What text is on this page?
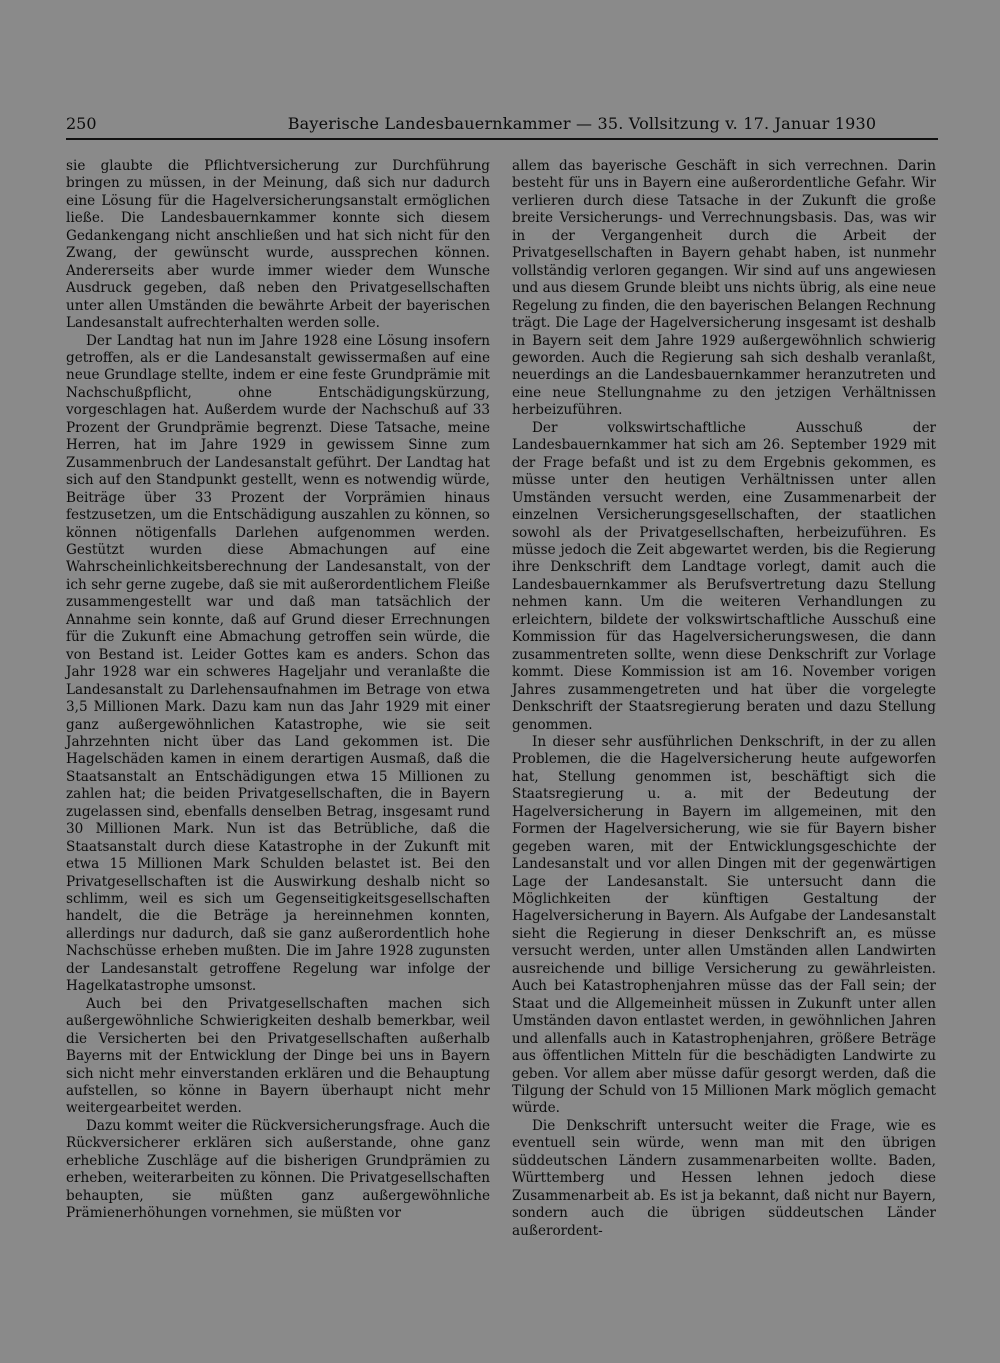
250	Bayerische Landesbauernkammer — 35. Vollsitzung v. 17. Januar 1930

sie glaubte die Pflichtversicherung zur Durchführung bringen zu müssen, in der Meinung, daß sich nur dadurch eine Lösung für die Hagelversicherungsanstalt ermöglichen ließe. Die Landesbauernkammer konnte sich diesem Gedankengang nicht anschließen und hat sich nicht für den Zwang, der gewünscht wurde, aussprechen können. Andererseits aber wurde immer wieder dem Wunsche Ausdruck gegeben, daß neben den Privatgesellschaften unter allen Umständen die bewährte Arbeit der bayerischen Landesanstalt aufrechterhalten werden solle.

Der Landtag hat nun im Jahre 1928 eine Lösung insofern getroffen, als er die Landesanstalt gewissermaßen auf eine neue Grundlage stellte, indem er eine feste Grundprämie mit Nachschußpflicht, ohne Entschädigungskürzung, vorgeschlagen hat. Außerdem wurde der Nachschuß auf 33 Prozent der Grundprämie begrenzt. Diese Tatsache, meine Herren, hat im Jahre 1929 in gewissem Sinne zum Zusammenbruch der Landesanstalt geführt. Der Landtag hat sich auf den Standpunkt gestellt, wenn es notwendig würde, Beiträge über 33 Prozent der Vorprämien hinaus festzusetzen, um die Entschädigung auszahlen zu können, so können nötigenfalls Darlehen aufgenommen werden. Gestützt wurden diese Abmachungen auf eine Wahrscheinlichkeitsberechnung der Landesanstalt, von der ich sehr gerne zugebe, daß sie mit außerordentlichem Fleiße zusammengestellt war und daß man tatsächlich der Annahme sein konnte, daß auf Grund dieser Errechnungen für die Zukunft eine Abmachung getroffen sein würde, die von Bestand ist. Leider Gottes kam es anders. Schon das Jahr 1928 war ein schweres Hageljahr und veranlaßte die Landesanstalt zu Darlehensaufnahmen im Betrage von etwa 3,5 Millionen Mark. Dazu kam nun das Jahr 1929 mit einer ganz außergewöhnlichen Katastrophe, wie sie seit Jahrzehnten nicht über das Land gekommen ist. Die Hagelschäden kamen in einem derartigen Ausmaß, daß die Staatsanstalt an Entschädigungen etwa 15 Millionen zu zahlen hat; die beiden Privatgesellschaften, die in Bayern zugelassen sind, ebenfalls denselben Betrag, insgesamt rund 30 Millionen Mark. Nun ist das Betrübliche, daß die Staatsanstalt durch diese Katastrophe in der Zukunft mit etwa 15 Millionen Mark Schulden belastet ist. Bei den Privatgesellschaften ist die Auswirkung deshalb nicht so schlimm, weil es sich um Gegenseitigkeitsgesellschaften handelt, die die Beträge ja hereinnehmen konnten, allerdings nur dadurch, daß sie ganz außerordentlich hohe Nachschüsse erheben mußten. Die im Jahre 1928 zugunsten der Landesanstalt getroffene Regelung war infolge der Hagelkatastrophe umsonst.

Auch bei den Privatgesellschaften machen sich außergewöhnliche Schwierigkeiten deshalb bemerkbar, weil die Versicherten bei den Privatgesellschaften außerhalb Bayerns mit der Entwicklung der Dinge bei uns in Bayern sich nicht mehr einverstanden erklären und die Behauptung aufstellen, so könne in Bayern überhaupt nicht mehr weitergearbeitet werden.

Dazu kommt weiter die Rückversicherungsfrage. Auch die Rückversicherer erklären sich außerstande, ohne ganz erhebliche Zuschläge auf die bisherigen Grundprämien zu erheben, weiterarbeiten zu können. Die Privatgesellschaften behaupten, sie müßten ganz außergewöhnliche Prämienerhöhungen vornehmen, sie müßten vor

allem das bayerische Geschäft in sich verrechnen. Darin besteht für uns in Bayern eine außerordentliche Gefahr. Wir verlieren durch diese Tatsache in der Zukunft die große breite Versicherungs- und Verrechnungsbasis. Das, was wir in der Vergangenheit durch die Arbeit der Privatgesellschaften in Bayern gehabt haben, ist nunmehr vollständig verloren gegangen. Wir sind auf uns angewiesen und aus diesem Grunde bleibt uns nichts übrig, als eine neue Regelung zu finden, die den bayerischen Belangen Rechnung trägt. Die Lage der Hagelversicherung insgesamt ist deshalb in Bayern seit dem Jahre 1929 außergewöhnlich schwierig geworden. Auch die Regierung sah sich deshalb veranlaßt, neuerdings an die Landesbauernkammer heranzutreten und eine neue Stellungnahme zu den jetzigen Verhältnissen herbeizuführen.

Der volkswirtschaftliche Ausschuß der Landesbauernkammer hat sich am 26. September 1929 mit der Frage befaßt und ist zu dem Ergebnis gekommen, es müsse unter den heutigen Verhältnissen unter allen Umständen versucht werden, eine Zusammenarbeit der einzelnen Versicherungsgesellschaften, der staatlichen sowohl als der Privatgesellschaften, herbeizuführen. Es müsse jedoch die Zeit abgewartet werden, bis die Regierung ihre Denkschrift dem Landtage vorlegt, damit auch die Landesbauernkammer als Berufsvertretung dazu Stellung nehmen kann. Um die weiteren Verhandlungen zu erleichtern, bildete der volkswirtschaftliche Ausschuß eine Kommission für das Hagelversicherungswesen, die dann zusammentreten sollte, wenn diese Denkschrift zur Vorlage kommt. Diese Kommission ist am 16. November vorigen Jahres zusammengetreten und hat über die vorgelegte Denkschrift der Staatsregierung beraten und dazu Stellung genommen.

In dieser sehr ausführlichen Denkschrift, in der zu allen Problemen, die die Hagelversicherung heute aufgeworfen hat, Stellung genommen ist, beschäftigt sich die Staatsregierung u. a. mit der Bedeutung der Hagelversicherung in Bayern im allgemeinen, mit den Formen der Hagelversicherung, wie sie für Bayern bisher gegeben waren, mit der Entwicklungsgeschichte der Landesanstalt und vor allen Dingen mit der gegenwärtigen Lage der Landesanstalt. Sie untersucht dann die Möglichkeiten der künftigen Gestaltung der Hagelversicherung in Bayern. Als Aufgabe der Landesanstalt sieht die Regierung in dieser Denkschrift an, es müsse versucht werden, unter allen Umständen allen Landwirten ausreichende und billige Versicherung zu gewährleisten. Auch bei Katastrophenjahren müsse das der Fall sein; der Staat und die Allgemeinheit müssen in Zukunft unter allen Umständen davon entlastet werden, in gewöhnlichen Jahren und allenfalls auch in Katastrophenjahren, größere Beträge aus öffentlichen Mitteln für die beschädigten Landwirte zu geben. Vor allem aber müsse dafür gesorgt werden, daß die Tilgung der Schuld von 15 Millionen Mark möglich gemacht würde.

Die Denkschrift untersucht weiter die Frage, wie es eventuell sein würde, wenn man mit den übrigen süddeutschen Ländern zusammenarbeiten wollte. Baden, Württemberg und Hessen lehnen jedoch diese Zusammenarbeit ab. Es ist ja bekannt, daß nicht nur Bayern, sondern auch die übrigen süddeutschen Länder außerordent-
